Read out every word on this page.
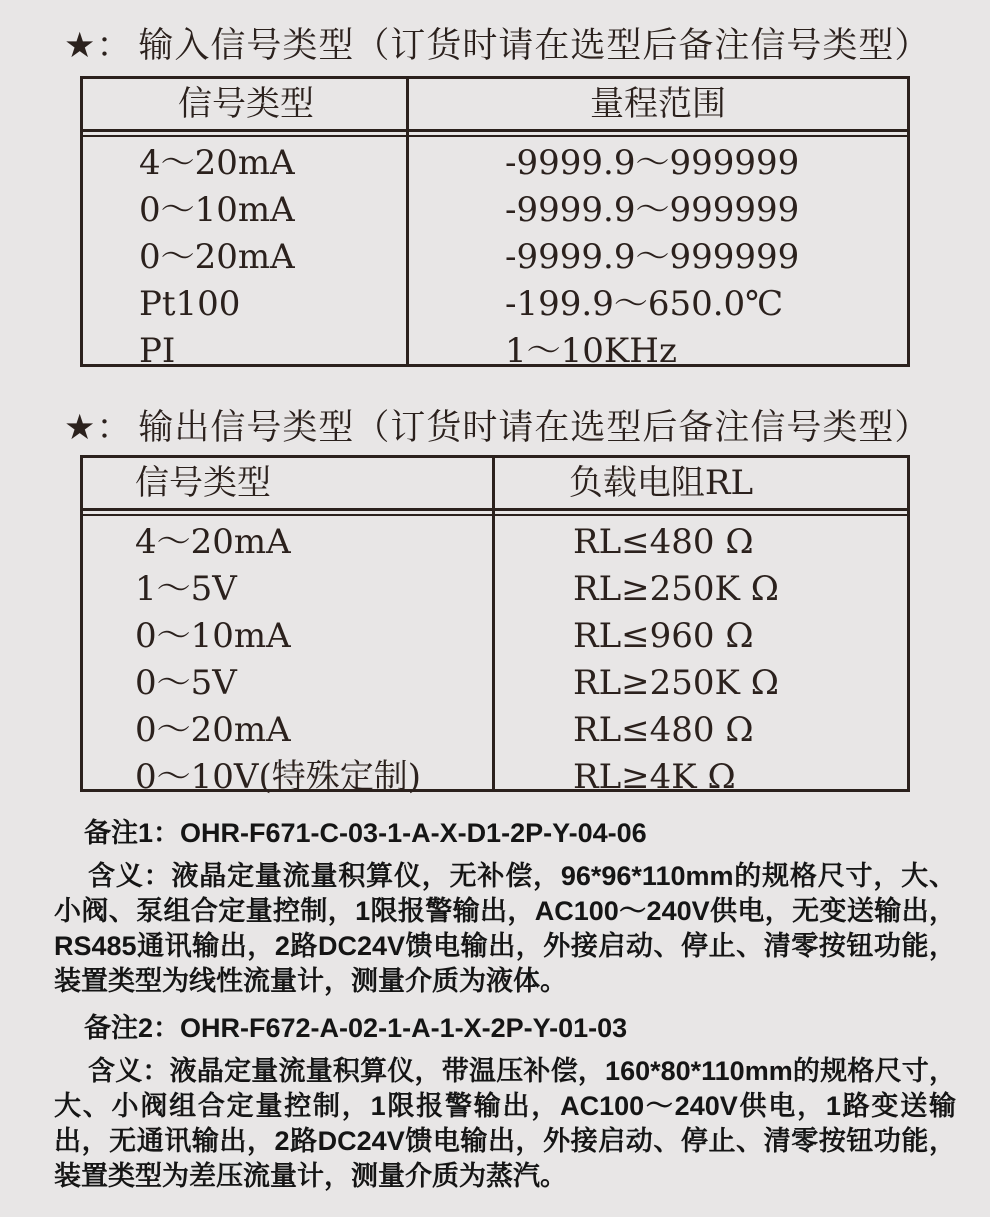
★： 输入信号类型（订货时请在选型后备注信号类型）
信号类型	量程范围
4～20mA	-9999.9～999999
0～10mA	-9999.9～999999
0～20mA	-9999.9～999999
Pt100	-199.9～650.0℃
PI	1～10KHz
★： 输出信号类型（订货时请在选型后备注信号类型）
信号类型	负载电阻RL
4～20mA	RL≤480 Ω
1～5V	RL≥250K Ω
0～10mA	RL≤960 Ω
0～5V	RL≥250K Ω
0～20mA	RL≤480 Ω
0～10V(特殊定制)	RL≥4K Ω

备注1：OHR-F671-C-03-1-A-X-D1-2P-Y-04-06

含义：液晶定量流量积算仪，无补偿，96*96*110mm的规格尺寸，大、小阀、泵组合定量控制，1限报警输出，AC100～240V供电，无变送输出，RS485通讯输出，2路DC24V馈电输出，外接启动、停止、清零按钮功能，装置类型为线性流量计，测量介质为液体。

备注2：OHR-F672-A-02-1-A-1-X-2P-Y-01-03

含义：液晶定量流量积算仪，带温压补偿，160*80*110mm的规格尺寸，大、小阀组合定量控制，1限报警输出，AC100～240V供电，1路变送输出，无通讯输出，2路DC24V馈电输出，外接启动、停止、清零按钮功能，装置类型为差压流量计，测量介质为蒸汽。
